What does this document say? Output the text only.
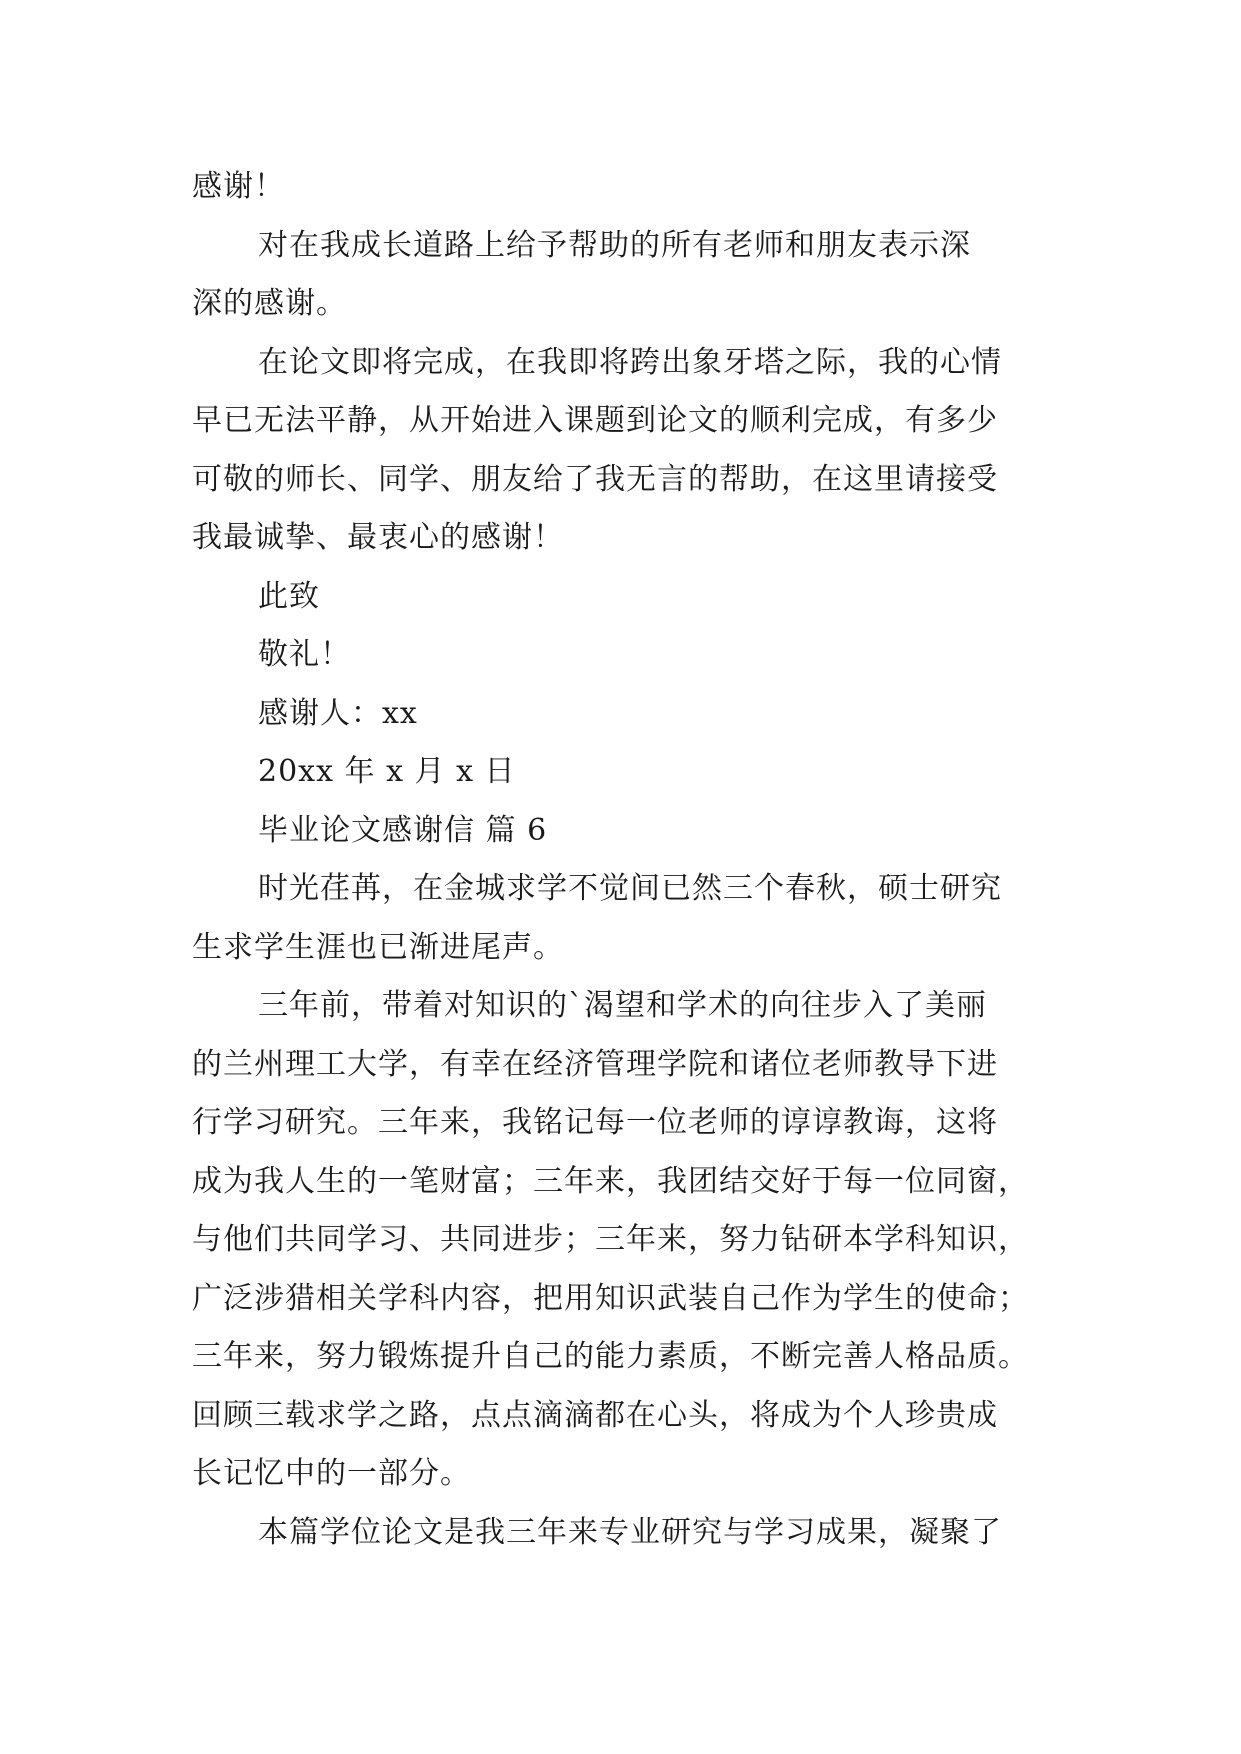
感谢！
对在我成长道路上给予帮助的所有老师和朋友表示深
深的感谢。
在论文即将完成，在我即将跨出象牙塔之际，我的心情
早已无法平静，从开始进入课题到论文的顺利完成，有多少
可敬的师长、同学、朋友给了我无言的帮助，在这里请接受
我最诚挚、最衷心的感谢！
此致
敬礼！
感谢人：xx
20xx 年 x 月 x 日
毕业论文感谢信 篇 6
时光荏苒，在金城求学不觉间已然三个春秋，硕士研究
生求学生涯也已渐进尾声。
三年前，带着对知识的`渴望和学术的向往步入了美丽
的兰州理工大学，有幸在经济管理学院和诸位老师教导下进
行学习研究。三年来，我铭记每一位老师的谆谆教诲，这将
成为我人生的一笔财富；三年来，我团结交好于每一位同窗，
与他们共同学习、共同进步；三年来，努力钻研本学科知识，
广泛涉猎相关学科内容，把用知识武装自己作为学生的使命；
三年来，努力锻炼提升自己的能力素质，不断完善人格品质。
回顾三载求学之路，点点滴滴都在心头，将成为个人珍贵成
长记忆中的一部分。
本篇学位论文是我三年来专业研究与学习成果，凝聚了
